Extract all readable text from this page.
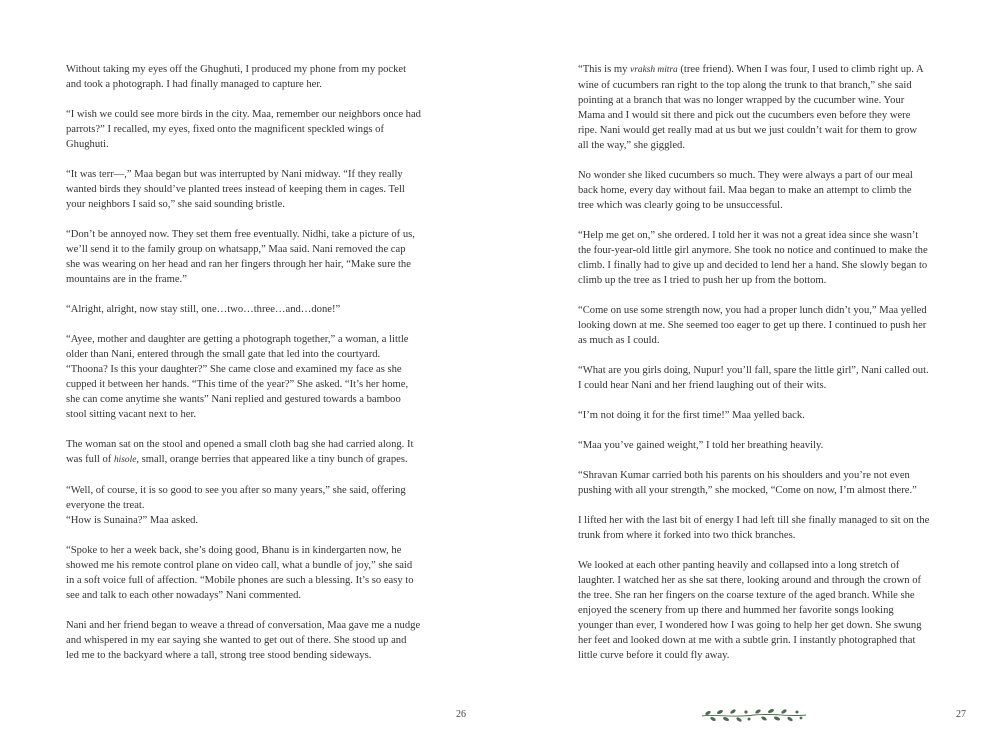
Without taking my eyes off the Ghughuti, I produced my phone from my pocket and took a photograph. I had finally managed to capture her.

“I wish we could see more birds in the city. Maa, remember our neighbors once had parrots?” I recalled, my eyes, fixed onto the magnificent speckled wings of Ghughuti.

“It was terr—,” Maa began but was interrupted by Nani midway. “If they really wanted birds they should’ve planted trees instead of keeping them in cages. Tell your neighbors I said so,” she said sounding bristle.

“Don’t be annoyed now. They set them free eventually. Nidhi, take a picture of us, we’ll send it to the family group on whatsapp,” Maa said. Nani removed the cap she was wearing on her head and ran her fingers through her hair, “Make sure the mountains are in the frame.”

“Alright, alright, now stay still, one…two…three…and…done!”

“Ayee, mother and daughter are getting a photograph together,” a woman, a little older than Nani, entered through the small gate that led into the courtyard. “Thoona? Is this your daughter?” She came close and examined my face as she cupped it between her hands. “This time of the year?” She asked. “It’s her home, she can come anytime she wants” Nani replied and gestured towards a bamboo stool sitting vacant next to her.

The woman sat on the stool and opened a small cloth bag she had carried along. It was full of hisole, small, orange berries that appeared like a tiny bunch of grapes.

“Well, of course, it is so good to see you after so many years,” she said, offering everyone the treat.

“How is Sunaina?” Maa asked.

“Spoke to her a week back, she’s doing good, Bhanu is in kindergarten now, he showed me his remote control plane on video call, what a bundle of joy,” she said in a soft voice full of affection. “Mobile phones are such a blessing. It’s so easy to see and talk to each other nowadays” Nani commented.

Nani and her friend began to weave a thread of conversation, Maa gave me a nudge and whispered in my ear saying she wanted to get out of there. She stood up and led me to the backyard where a tall, strong tree stood bending sideways.

26

“This is my vraksh mitra (tree friend). When I was four, I used to climb right up. A wine of cucumbers ran right to the top along the trunk to that branch,” she said pointing at a branch that was no longer wrapped by the cucumber wine. Your Mama and I would sit there and pick out the cucumbers even before they were ripe. Nani would get really mad at us but we just couldn’t wait for them to grow all the way,” she giggled.

No wonder she liked cucumbers so much. They were always a part of our meal back home, every day without fail. Maa began to make an attempt to climb the tree which was clearly going to be unsuccessful.

“Help me get on,” she ordered. I told her it was not a great idea since she wasn’t the four-year-old little girl anymore. She took no notice and continued to make the climb. I finally had to give up and decided to lend her a hand. She slowly began to climb up the tree as I tried to push her up from the bottom.

“Come on use some strength now, you had a proper lunch didn’t you,” Maa yelled looking down at me. She seemed too eager to get up there. I continued to push her as much as I could.

“What are you girls doing, Nupur! you’ll fall, spare the little girl”, Nani called out. I could hear Nani and her friend laughing out of their wits.

“I’m not doing it for the first time!” Maa yelled back.

“Maa you’ve gained weight,” I told her breathing heavily.

“Shravan Kumar carried both his parents on his shoulders and you’re not even pushing with all your strength,” she mocked, “Come on now, I’m almost there.”

I lifted her with the last bit of energy I had left till she finally managed to sit on the trunk from where it forked into two thick branches.

We looked at each other panting heavily and collapsed into a long stretch of laughter. I watched her as she sat there, looking around and through the crown of the tree. She ran her fingers on the coarse texture of the aged branch. While she enjoyed the scenery from up there and hummed her favorite songs looking younger than ever, I wondered how I was going to help her get down. She swung her feet and looked down at me with a subtle grin. I instantly photographed that little curve before it could fly away.

27
